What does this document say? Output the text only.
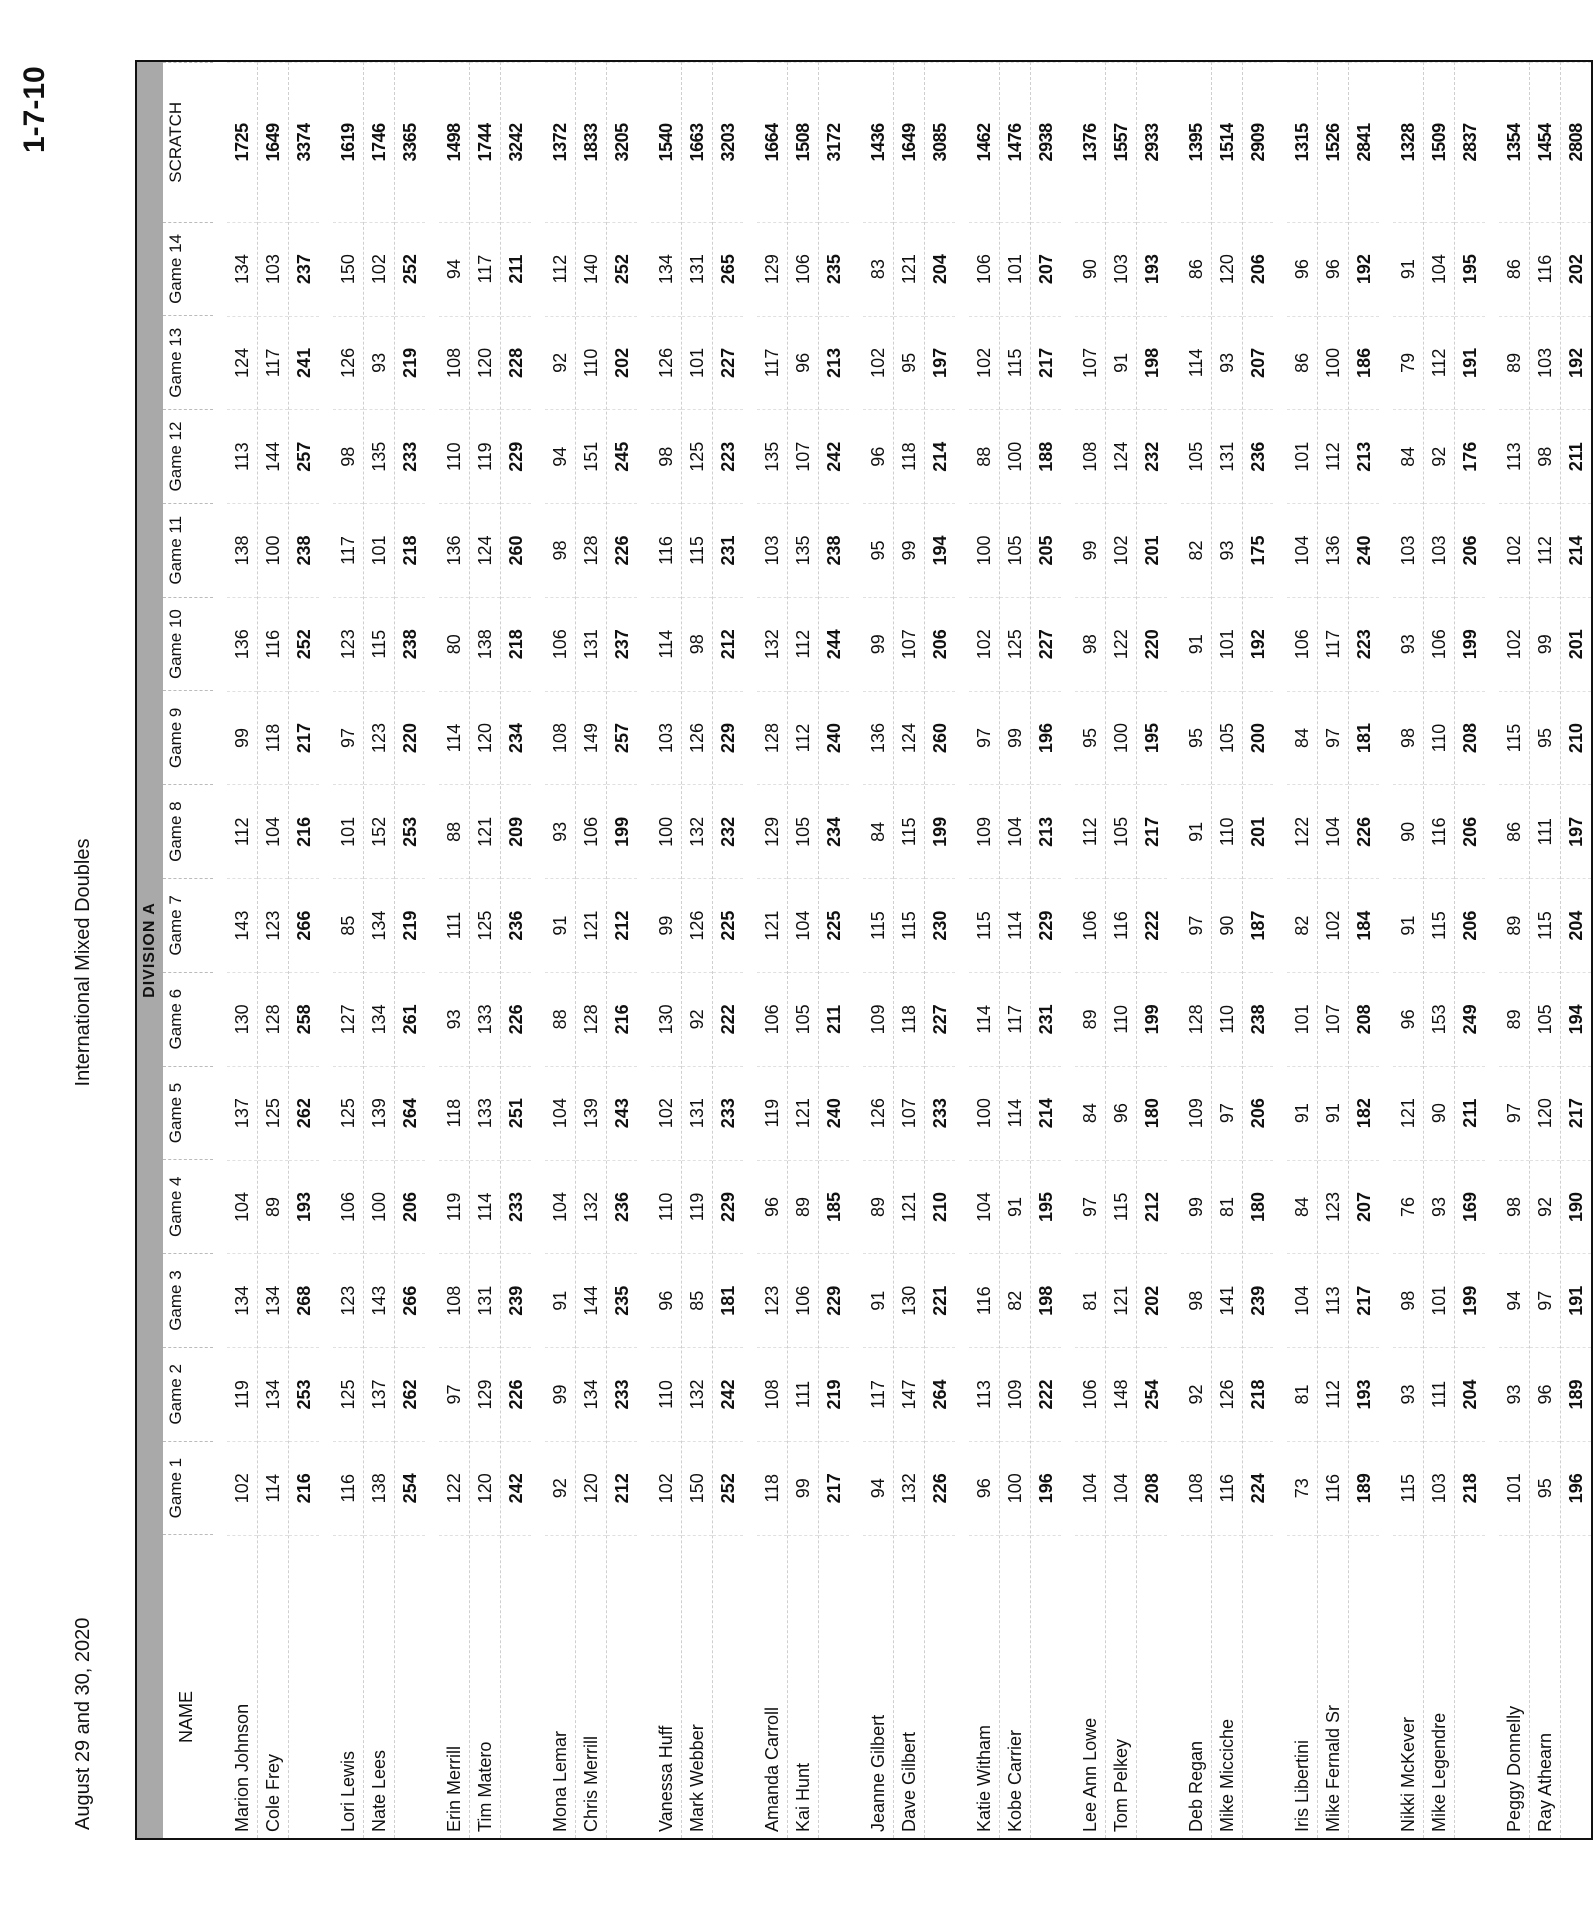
August 29 and 30, 2020
International Mixed Doubles
1-7-10
DIVISION A
NAME
Game 1
Game 2
Game 3
Game 4
Game 5
Game 6
Game 7
Game 8
Game 9
Game 10
Game 11
Game 12
Game 13
Game 14
SCRATCH
Marion Johnson
102
119
134
104
137
130
143
112
99
136
138
113
124
134
1725
Cole Frey
114
134
134
89
125
128
123
104
118
116
100
144
117
103
1649
216
253
268
193
262
258
266
216
217
252
238
257
241
237
3374
Lori Lewis
116
125
123
106
125
127
85
101
97
123
117
98
126
150
1619
Nate Lees
138
137
143
100
139
134
134
152
123
115
101
135
93
102
1746
254
262
266
206
264
261
219
253
220
238
218
233
219
252
3365
Erin Merrill
122
97
108
119
118
93
111
88
114
80
136
110
108
94
1498
Tim Matero
120
129
131
114
133
133
125
121
120
138
124
119
120
117
1744
242
226
239
233
251
226
236
209
234
218
260
229
228
211
3242
Mona Lemar
92
99
91
104
104
88
91
93
108
106
98
94
92
112
1372
Chris Merrill
120
134
144
132
139
128
121
106
149
131
128
151
110
140
1833
212
233
235
236
243
216
212
199
257
237
226
245
202
252
3205
Vanessa Huff
102
110
96
110
102
130
99
100
103
114
116
98
126
134
1540
Mark Webber
150
132
85
119
131
92
126
132
126
98
115
125
101
131
1663
252
242
181
229
233
222
225
232
229
212
231
223
227
265
3203
Amanda Carroll
118
108
123
96
119
106
121
129
128
132
103
135
117
129
1664
Kai Hunt
99
111
106
89
121
105
104
105
112
112
135
107
96
106
1508
217
219
229
185
240
211
225
234
240
244
238
242
213
235
3172
Jeanne Gilbert
94
117
91
89
126
109
115
84
136
99
95
96
102
83
1436
Dave Gilbert
132
147
130
121
107
118
115
115
124
107
99
118
95
121
1649
226
264
221
210
233
227
230
199
260
206
194
214
197
204
3085
Katie Witham
96
113
116
104
100
114
115
109
97
102
100
88
102
106
1462
Kobe Carrier
100
109
82
91
114
117
114
104
99
125
105
100
115
101
1476
196
222
198
195
214
231
229
213
196
227
205
188
217
207
2938
Lee Ann Lowe
104
106
81
97
84
89
106
112
95
98
99
108
107
90
1376
Tom Pelkey
104
148
121
115
96
110
116
105
100
122
102
124
91
103
1557
208
254
202
212
180
199
222
217
195
220
201
232
198
193
2933
Deb Regan
108
92
98
99
109
128
97
91
95
91
82
105
114
86
1395
Mike Micciche
116
126
141
81
97
110
90
110
105
101
93
131
93
120
1514
224
218
239
180
206
238
187
201
200
192
175
236
207
206
2909
Iris Libertini
73
81
104
84
91
101
82
122
84
106
104
101
86
96
1315
Mike Fernald Sr
116
112
113
123
91
107
102
104
97
117
136
112
100
96
1526
189
193
217
207
182
208
184
226
181
223
240
213
186
192
2841
Nikki McKever
115
93
98
76
121
96
91
90
98
93
103
84
79
91
1328
Mike Legendre
103
111
101
93
90
153
115
116
110
106
103
92
112
104
1509
218
204
199
169
211
249
206
206
208
199
206
176
191
195
2837
Peggy Donnelly
101
93
94
98
97
89
89
86
115
102
102
113
89
86
1354
Ray Athearn
95
96
97
92
120
105
115
111
95
99
112
98
103
116
1454
196
189
191
190
217
194
204
197
210
201
214
211
192
202
2808
